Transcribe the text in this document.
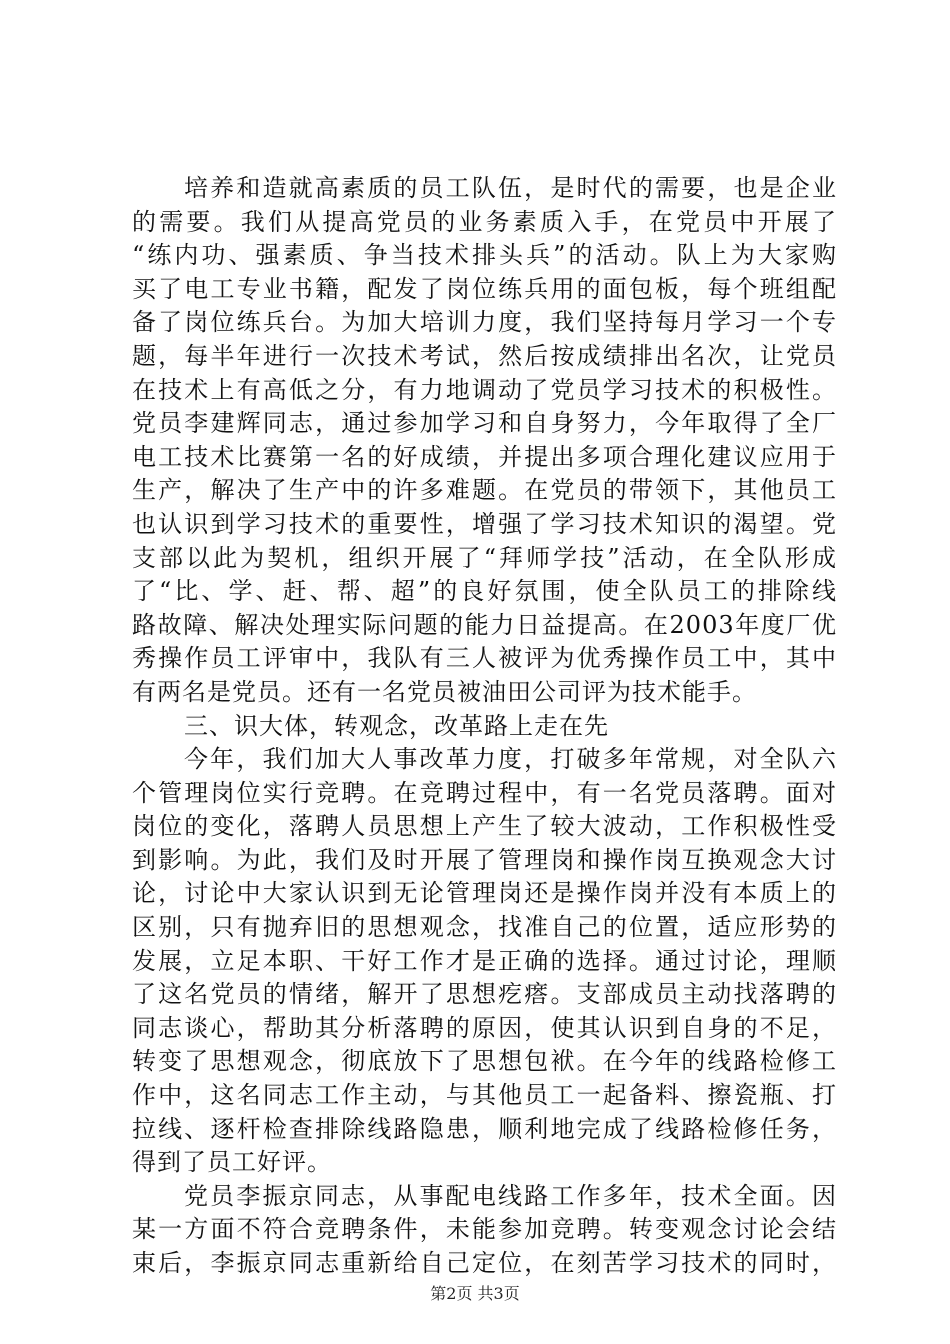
培养和造就高素质的员工队伍，是时代的需要，也是企业
的需要。我们从提高党员的业务素质入手，在党员中开展了
“练内功、强素质、争当技术排头兵”的活动。队上为大家购
买了电工专业书籍，配发了岗位练兵用的面包板，每个班组配
备了岗位练兵台。为加大培训力度，我们坚持每月学习一个专
题，每半年进行一次技术考试，然后按成绩排出名次，让党员
在技术上有高低之分，有力地调动了党员学习技术的积极性。
党员李建辉同志，通过参加学习和自身努力，今年取得了全厂
电工技术比赛第一名的好成绩，并提出多项合理化建议应用于
生产，解决了生产中的许多难题。在党员的带领下，其他员工
也认识到学习技术的重要性，增强了学习技术知识的渴望。党
支部以此为契机，组织开展了“拜师学技”活动，在全队形成
了“比、学、赶、帮、超”的良好氛围，使全队员工的排除线
路故障、解决处理实际问题的能力日益提高。在2003年度厂优
秀操作员工评审中，我队有三人被评为优秀操作员工中，其中
有两名是党员。还有一名党员被油田公司评为技术能手。
三、识大体，转观念，改革路上走在先
今年，我们加大人事改革力度，打破多年常规，对全队六
个管理岗位实行竞聘。在竞聘过程中，有一名党员落聘。面对
岗位的变化，落聘人员思想上产生了较大波动，工作积极性受
到影响。为此，我们及时开展了管理岗和操作岗互换观念大讨
论，讨论中大家认识到无论管理岗还是操作岗并没有本质上的
区别，只有抛弃旧的思想观念，找准自己的位置，适应形势的
发展，立足本职、干好工作才是正确的选择。通过讨论，理顺
了这名党员的情绪，解开了思想疙瘩。支部成员主动找落聘的
同志谈心，帮助其分析落聘的原因，使其认识到自身的不足，
转变了思想观念，彻底放下了思想包袱。在今年的线路检修工
作中，这名同志工作主动，与其他员工一起备料、擦瓷瓶、打
拉线、逐杆检查排除线路隐患，顺利地完成了线路检修任务，
得到了员工好评。
党员李振京同志，从事配电线路工作多年，技术全面。因
某一方面不符合竞聘条件，未能参加竞聘。转变观念讨论会结
束后，李振京同志重新给自己定位，在刻苦学习技术的同时，
第2页 共3页
